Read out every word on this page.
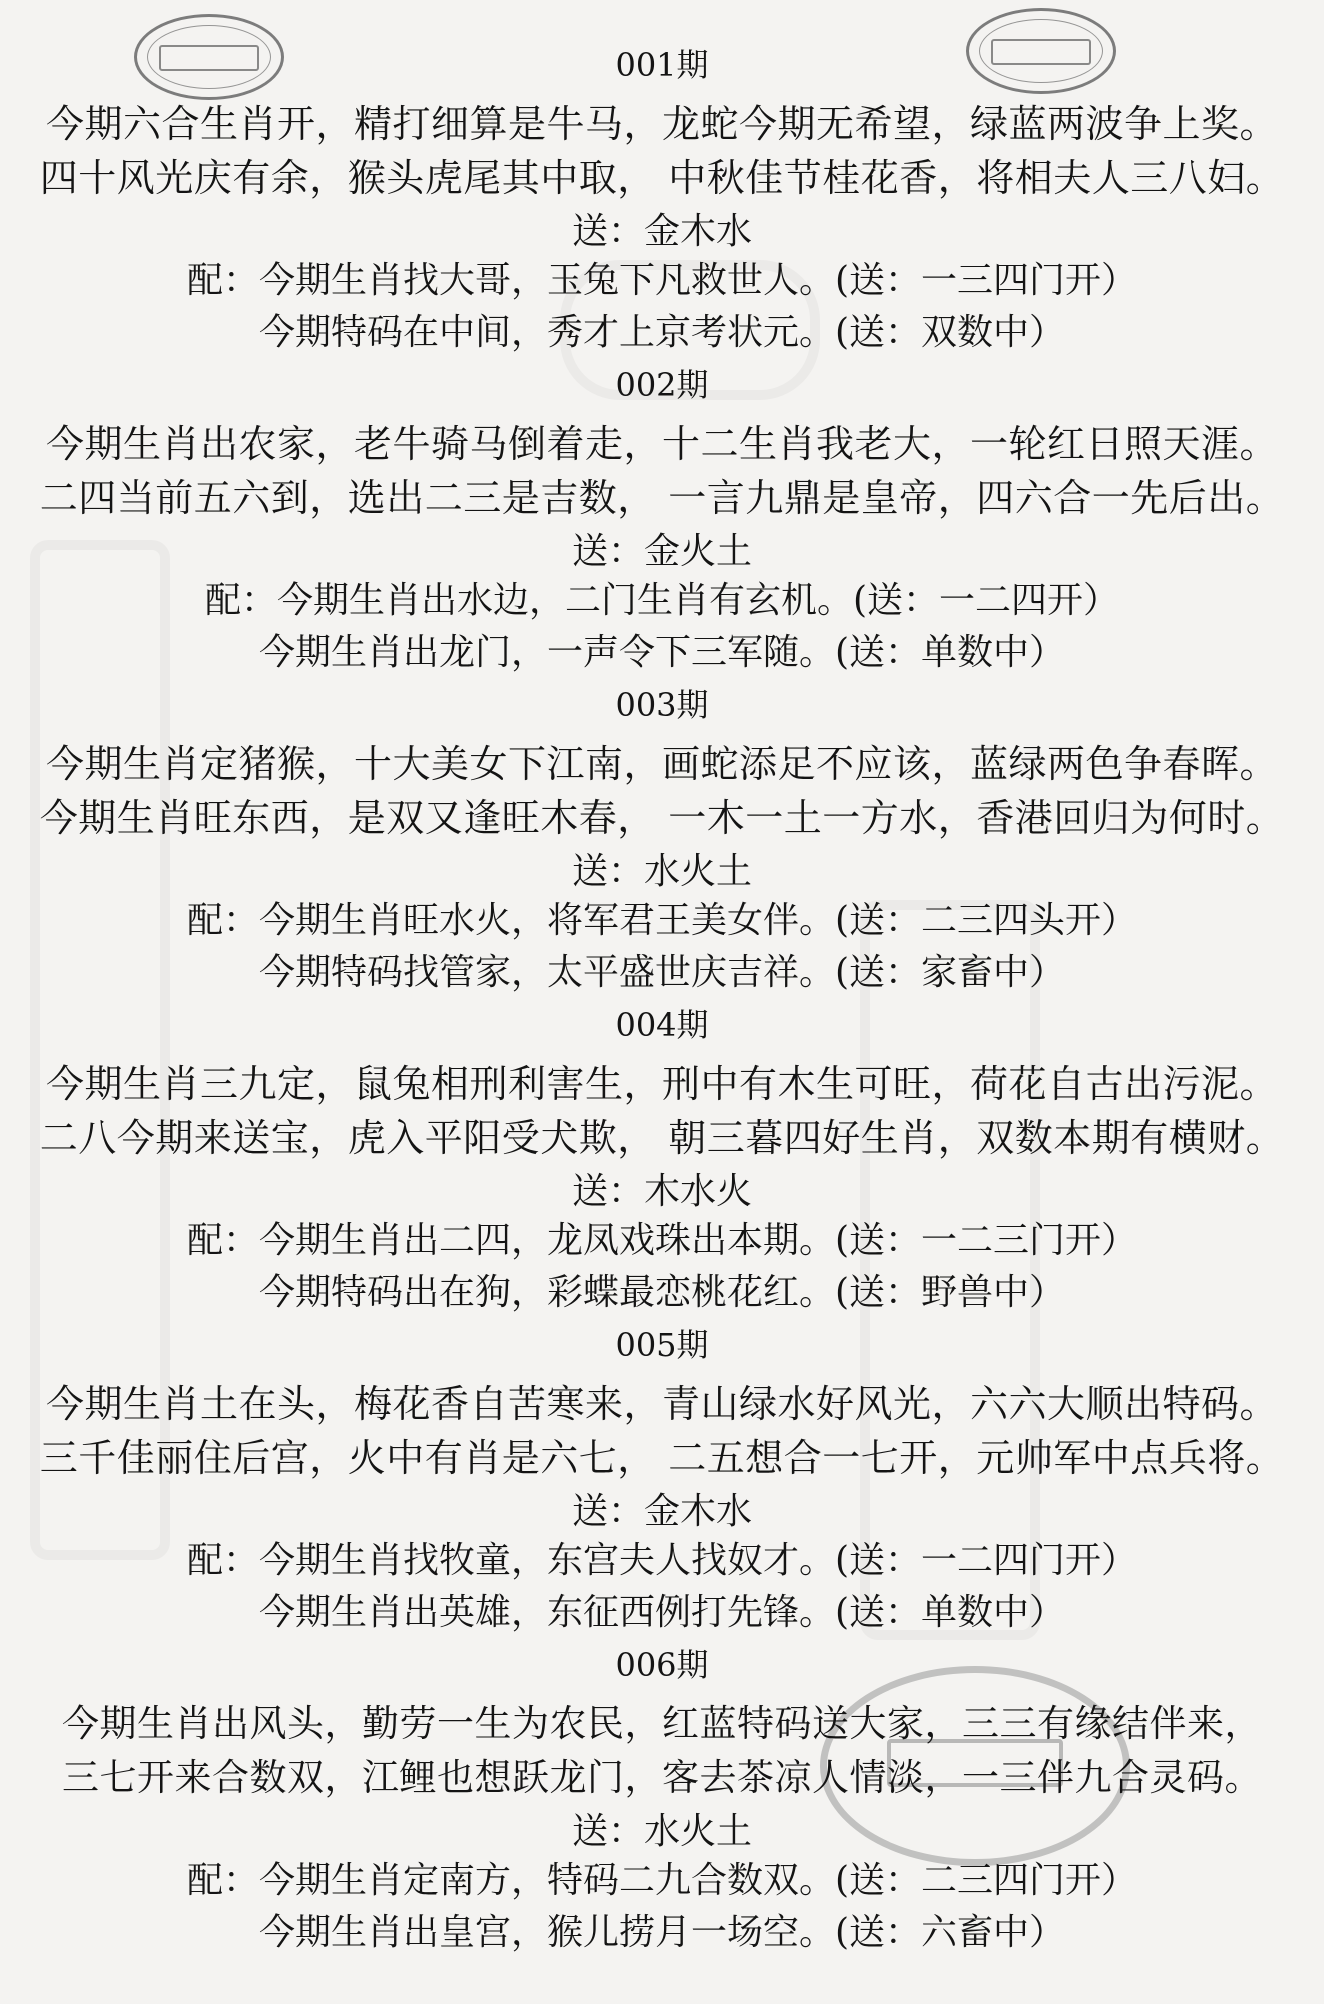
001期
今期六合生肖开，精打细算是牛马，龙蛇今期无希望，绿蓝两波争上奖。
四十风光庆有余，猴头虎尾其中取， 中秋佳节桂花香，将相夫人三八妇。
送：金木水
配：今期生肖找大哥，玉兔下凡救世人。(送：一三四门开）
今期特码在中间，秀才上京考状元。(送：双数中）
002期
今期生肖出农家，老牛骑马倒着走，十二生肖我老大，一轮红日照天涯。
二四当前五六到，选出二三是吉数， 一言九鼎是皇帝，四六合一先后出。
送：金火土
配：今期生肖出水边，二门生肖有玄机。(送：一二四开）
今期生肖出龙门，一声令下三军随。(送：单数中）
003期
今期生肖定猪猴，十大美女下江南，画蛇添足不应该，蓝绿两色争春晖。
今期生肖旺东西，是双又逢旺木春， 一木一土一方水，香港回归为何时。
送：水火土
配：今期生肖旺水火，将军君王美女伴。(送：二三四头开）
今期特码找管家，太平盛世庆吉祥。(送：家畜中）
004期
今期生肖三九定，鼠兔相刑利害生，刑中有木生可旺，荷花自古出污泥。
二八今期来送宝，虎入平阳受犬欺， 朝三暮四好生肖，双数本期有横财。
送：木水火
配：今期生肖出二四，龙凤戏珠出本期。(送：一二三门开）
今期特码出在狗，彩蝶最恋桃花红。(送：野兽中）
005期
今期生肖土在头，梅花香自苦寒来，青山绿水好风光，六六大顺出特码。
三千佳丽住后宫，火中有肖是六七， 二五想合一七开，元帅军中点兵将。
送：金木水
配：今期生肖找牧童，东宫夫人找奴才。(送：一二四门开）
今期生肖出英雄，东征西例打先锋。(送：单数中）
006期
今期生肖出风头，勤劳一生为农民，红蓝特码送大家，三三有缘结伴来，
三七开来合数双，江鲤也想跃龙门，客去茶凉人情淡，一三伴九合灵码。
送：水火土
配：今期生肖定南方，特码二九合数双。(送：二三四门开）
今期生肖出皇宫，猴儿捞月一场空。(送：六畜中）
